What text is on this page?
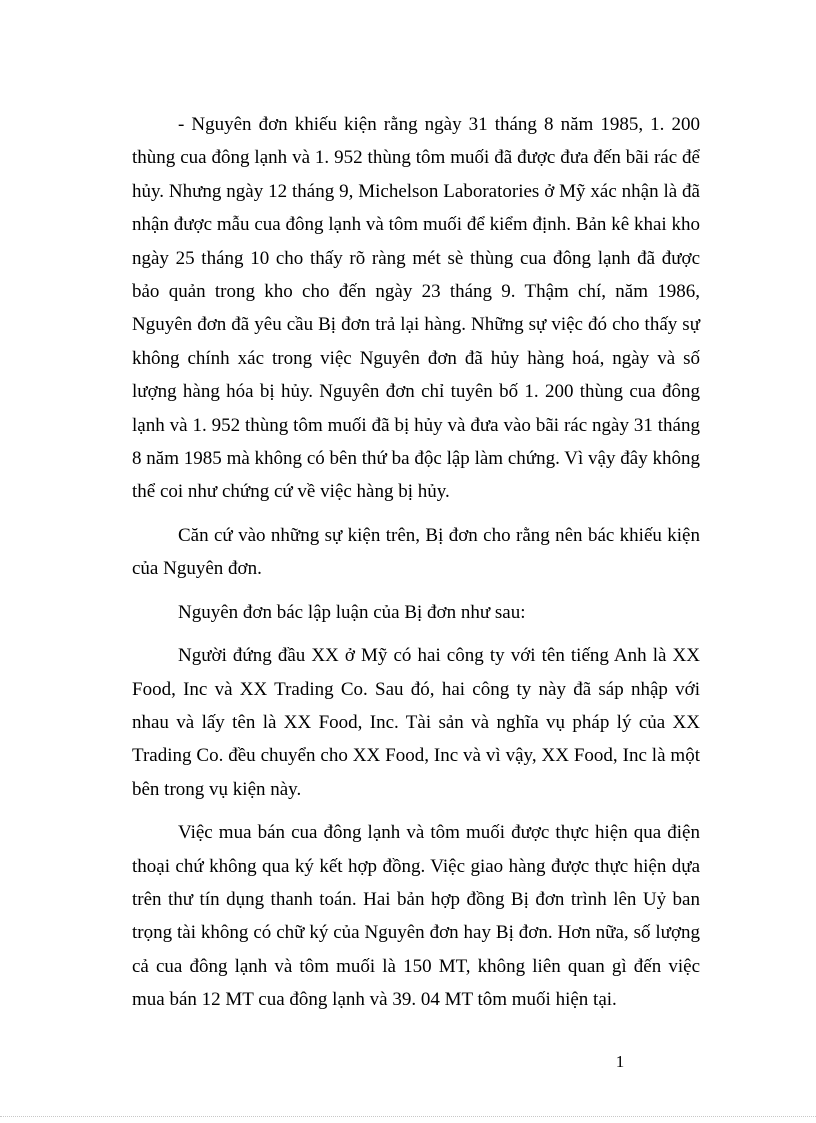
- Nguyên đơn khiếu kiện rằng ngày 31 tháng 8 năm 1985, 1. 200 thùng cua đông lạnh và 1. 952 thùng tôm muối đã được đưa đến bãi rác để hủy. Nhưng ngày 12 tháng 9, Michelson Laboratories ở Mỹ xác nhận là đã nhận được mẫu cua đông lạnh và tôm muối để kiểm định. Bản kê khai kho ngày 25 tháng 10 cho thấy rõ ràng mét sè thùng cua đông lạnh đã được bảo quản trong kho cho đến ngày 23 tháng 9. Thậm chí, năm 1986, Nguyên đơn đã yêu cầu Bị đơn trả lại hàng. Những sự việc đó cho thấy sự không chính xác trong việc Nguyên đơn đã hủy hàng hoá, ngày và số lượng hàng hóa bị hủy. Nguyên đơn chỉ tuyên bố 1. 200 thùng cua đông lạnh và 1. 952 thùng tôm muối đã bị hủy và đưa vào bãi rác ngày 31 tháng 8 năm 1985 mà không có bên thứ ba độc lập làm chứng. Vì vậy đây không thể coi như chứng cứ về việc hàng bị hủy.

Căn cứ vào những sự kiện trên, Bị đơn cho rằng nên bác khiếu kiện của Nguyên đơn.

Nguyên đơn bác lập luận của Bị đơn như sau:

Người đứng đầu XX ở Mỹ có hai công ty với tên tiếng Anh là XX Food, Inc và XX Trading Co. Sau đó, hai công ty này đã sáp nhập với nhau và lấy tên là XX Food, Inc. Tài sản và nghĩa vụ pháp lý của XX Trading Co. đều chuyển cho XX Food, Inc và vì vậy, XX Food, Inc là một bên trong vụ kiện này.

Việc mua bán cua đông lạnh và tôm muối được thực hiện qua điện thoại chứ không qua ký kết hợp đồng. Việc giao hàng được thực hiện dựa trên thư tín dụng thanh toán. Hai bản hợp đồng Bị đơn trình lên Uỷ ban trọng tài không có chữ ký của Nguyên đơn hay Bị đơn. Hơn nữa, số lượng cả cua đông lạnh và tôm muối là 150 MT, không liên quan gì đến việc mua bán 12 MT cua đông lạnh và 39. 04 MT tôm muối hiện tại.

1
